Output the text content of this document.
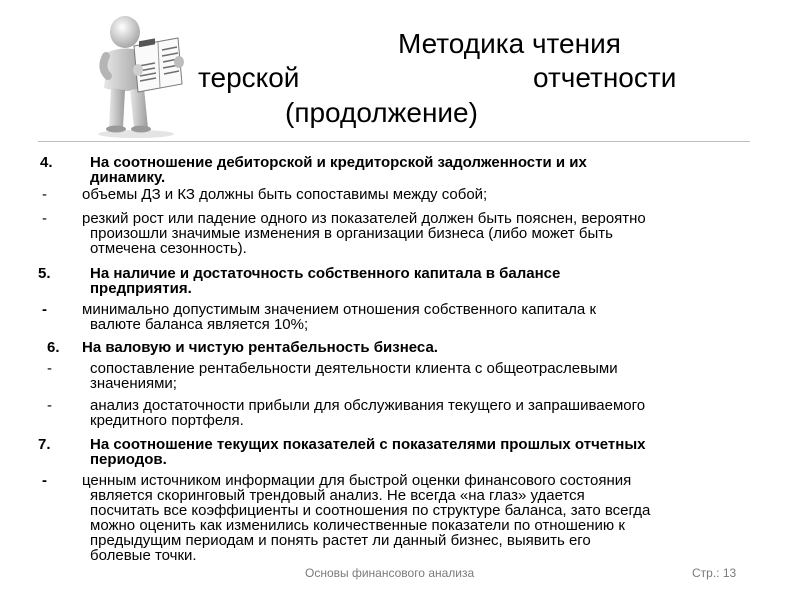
Методика чтения
терской	отчетности
(продолжение)
4. На соотношение дебиторской и кредиторской задолженности и их
динамику.
- объемы ДЗ и КЗ должны быть сопоставимы между собой;
- резкий рост или падение одного из показателей должен быть пояснен, вероятно
произошли значимые изменения в организации бизнеса (либо может быть
отмечена сезонность).
5.	На наличие и достаточность собственного капитала в балансе
предприятия.
- минимально допустимым значением отношения собственного капитала к
валюте баланса является 10%;
6. На валовую и чистую рентабельность бизнеса.
-	сопоставление рентабельности деятельности клиента с общеотраслевыми
значениями;
-	анализ достаточности прибыли для обслуживания текущего и запрашиваемого
кредитного портфеля.
7.	На соотношение текущих показателей с показателями прошлых отчетных
периодов.
- ценным источником информации для быстрой оценки финансового состояния
является скоринговый трендовый анализ. Не всегда «на глаз» удается
посчитать все коэффициенты и соотношения по структуре баланса, зато всегда
можно оценить как изменились количественные показатели по отношению к
предыдущим периодам и понять растет ли данный бизнес, выявить его
болевые точки.
Основы финансового анализа	Стр.: 13
